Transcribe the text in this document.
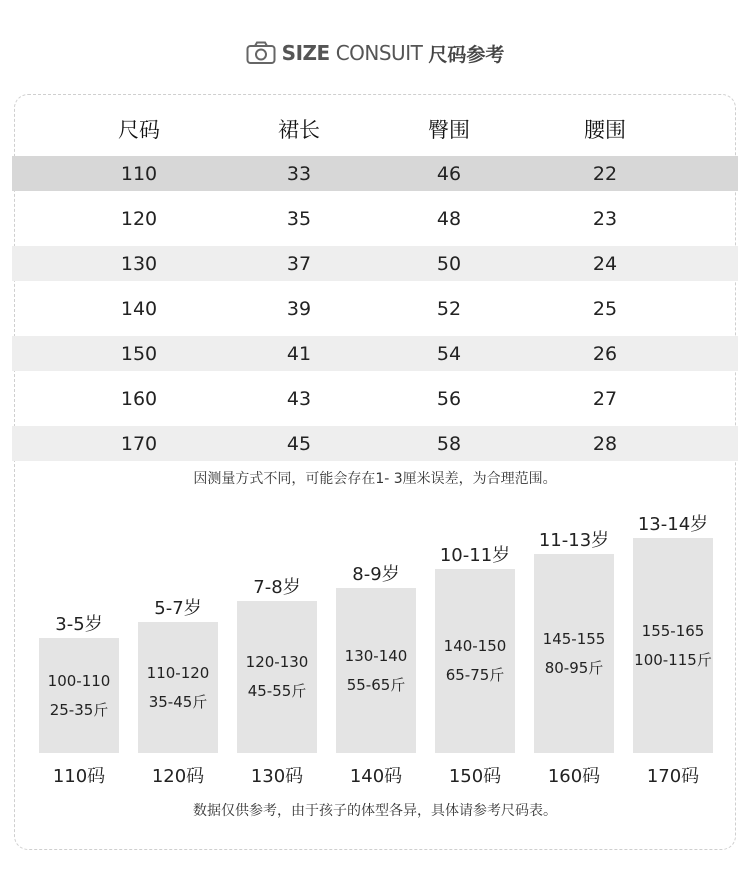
SIZE CONSUIT 尺码参考
尺码	裙长	臀围	腰围
110	33	46	22
120	35	48	23
130	37	50	24
140	39	52	25
150	41	54	26
160	43	56	27
170	45	58	28
因测量方式不同，可能会存在1- 3厘米误差，为合理范围。
3-5岁
100-110
25-35斤
110码
5-7岁
110-120
35-45斤
120码
7-8岁
120-130
45-55斤
130码
8-9岁
130-140
55-65斤
140码
10-11岁
140-150
65-75斤
150码
11-13岁
145-155
80-95斤
160码
13-14岁
155-165
100-115斤
170码
数据仅供参考，由于孩子的体型各异，具体请参考尺码表。
